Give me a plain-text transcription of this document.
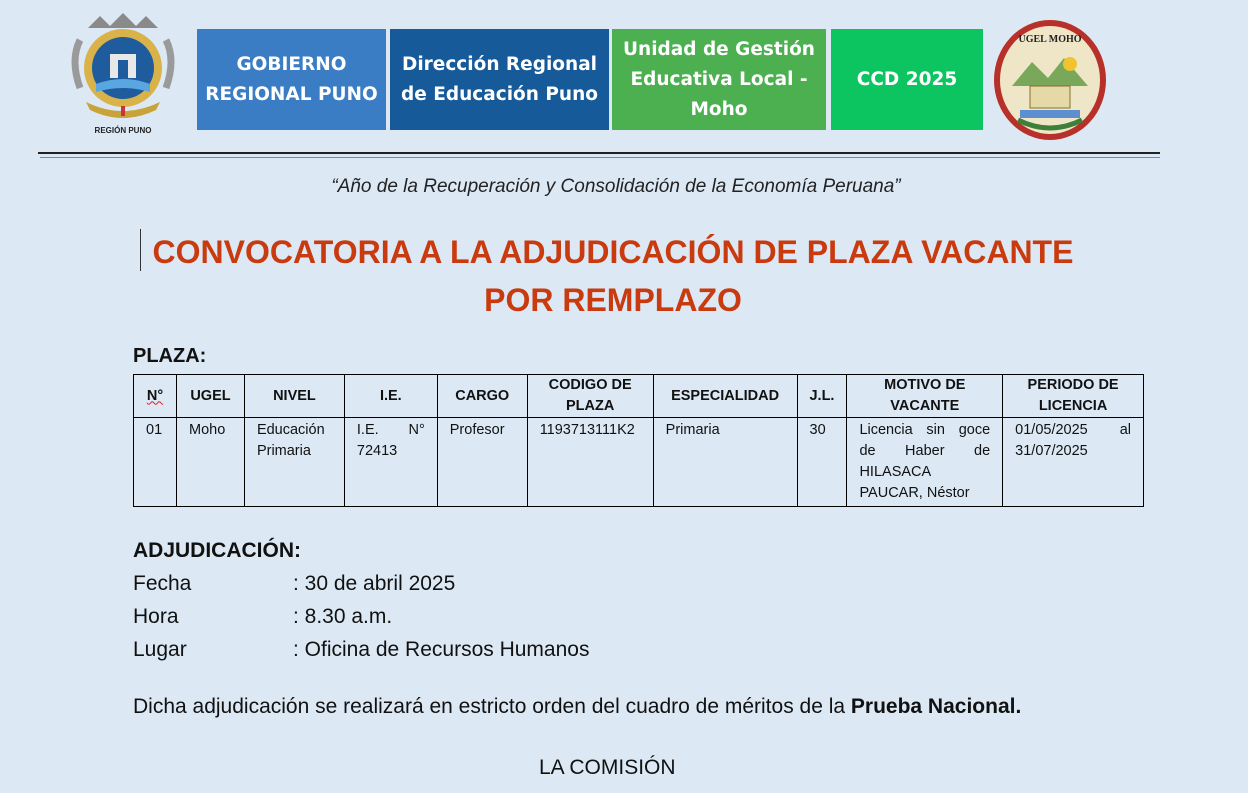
REGIÓN PUNO
GOBIERNO REGIONAL PUNO
Dirección Regional de Educación Puno
Unidad de Gestión Educativa Local - Moho
CCD 2025
UGEL MOHO
“Año de la Recuperación y Consolidación de la Economía Peruana”
CONVOCATORIA A LA ADJUDICACIÓN DE PLAZA VACANTE POR REMPLAZO
PLAZA:
N°	UGEL	NIVEL	I.E.	CARGO	CODIGO DE PLAZA	ESPECIALIDAD	J.L.	MOTIVO DE VACANTE	PERIODO DE LICENCIA
01	Moho	Educación Primaria	I.E. N° 72413	Profesor	1193713111K2	Primaria	30	Licencia sin goce de Haber de HILASACA PAUCAR, Néstor	01/05/2025 al 31/07/2025
ADJUDICACIÓN:
Fecha	: 30 de abril 2025
Hora	: 8.30 a.m.
Lugar	: Oficina de Recursos Humanos
Dicha adjudicación se realizará en estricto orden del cuadro de méritos de la Prueba Nacional.
LA COMISIÓN
